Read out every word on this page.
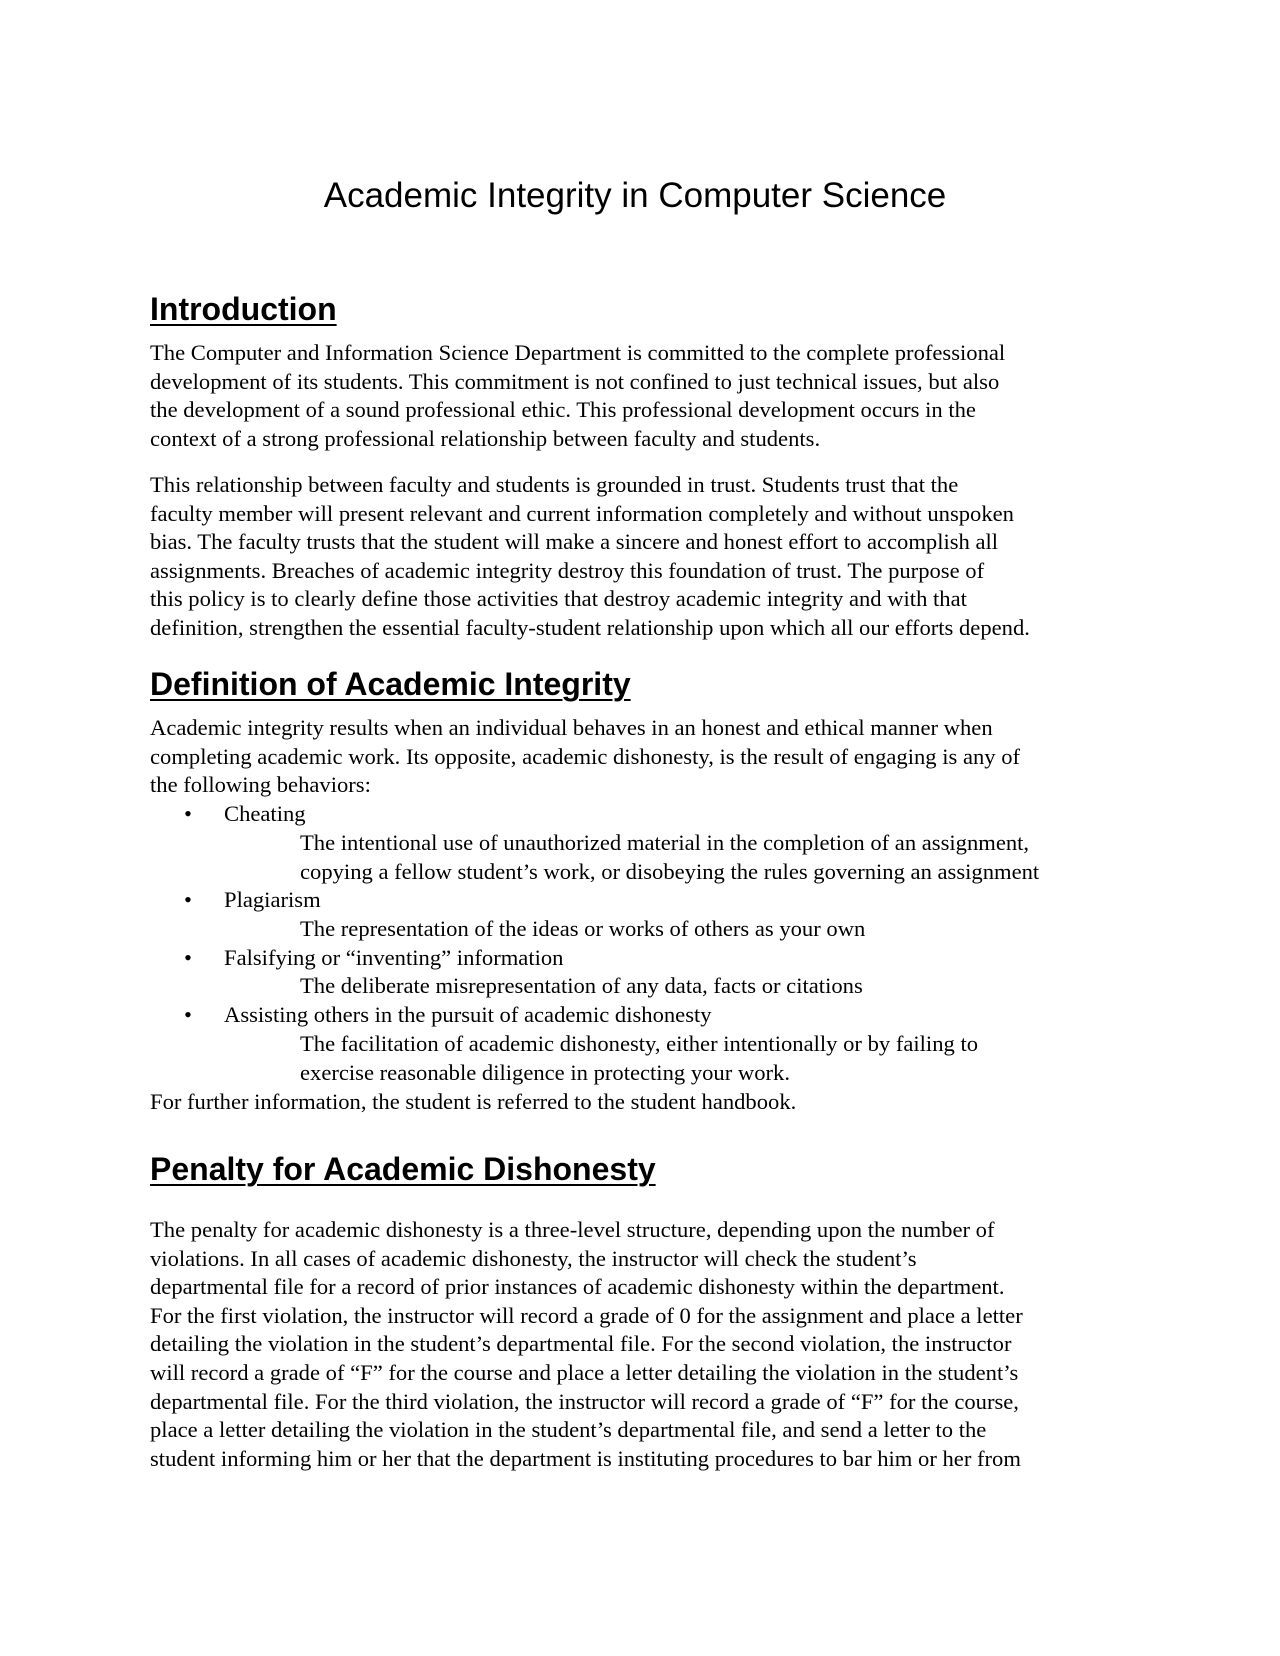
Academic Integrity in Computer Science
Introduction

The Computer and Information Science Department is committed to the complete professional
development of its students. This commitment is not confined to just technical issues, but also
the development of a sound professional ethic. This professional development occurs in the
context of a strong professional relationship between faculty and students.

This relationship between faculty and students is grounded in trust. Students trust that the
faculty member will present relevant and current information completely and without unspoken
bias. The faculty trusts that the student will make a sincere and honest effort to accomplish all
assignments. Breaches of academic integrity destroy this foundation of trust. The purpose of
this policy is to clearly define those activities that destroy academic integrity and with that
definition, strengthen the essential faculty-student relationship upon which all our efforts depend.

Definition of Academic Integrity

Academic integrity results when an individual behaves in an honest and ethical manner when
completing academic work. Its opposite, academic dishonesty, is the result of engaging is any of
the following behaviors:

• Cheating
The intentional use of unauthorized material in the completion of an assignment,
copying a fellow student’s work, or disobeying the rules governing an assignment
• Plagiarism
The representation of the ideas or works of others as your own
• Falsifying or “inventing” information
The deliberate misrepresentation of any data, facts or citations
• Assisting others in the pursuit of academic dishonesty
The facilitation of academic dishonesty, either intentionally or by failing to
exercise reasonable diligence in protecting your work.

For further information, the student is referred to the student handbook.

Penalty for Academic Dishonesty

The penalty for academic dishonesty is a three-level structure, depending upon the number of
violations. In all cases of academic dishonesty, the instructor will check the student’s
departmental file for a record of prior instances of academic dishonesty within the department.
For the first violation, the instructor will record a grade of 0 for the assignment and place a letter
detailing the violation in the student’s departmental file. For the second violation, the instructor
will record a grade of “F” for the course and place a letter detailing the violation in the student’s
departmental file. For the third violation, the instructor will record a grade of “F” for the course,
place a letter detailing the violation in the student’s departmental file, and send a letter to the
student informing him or her that the department is instituting procedures to bar him or her from
